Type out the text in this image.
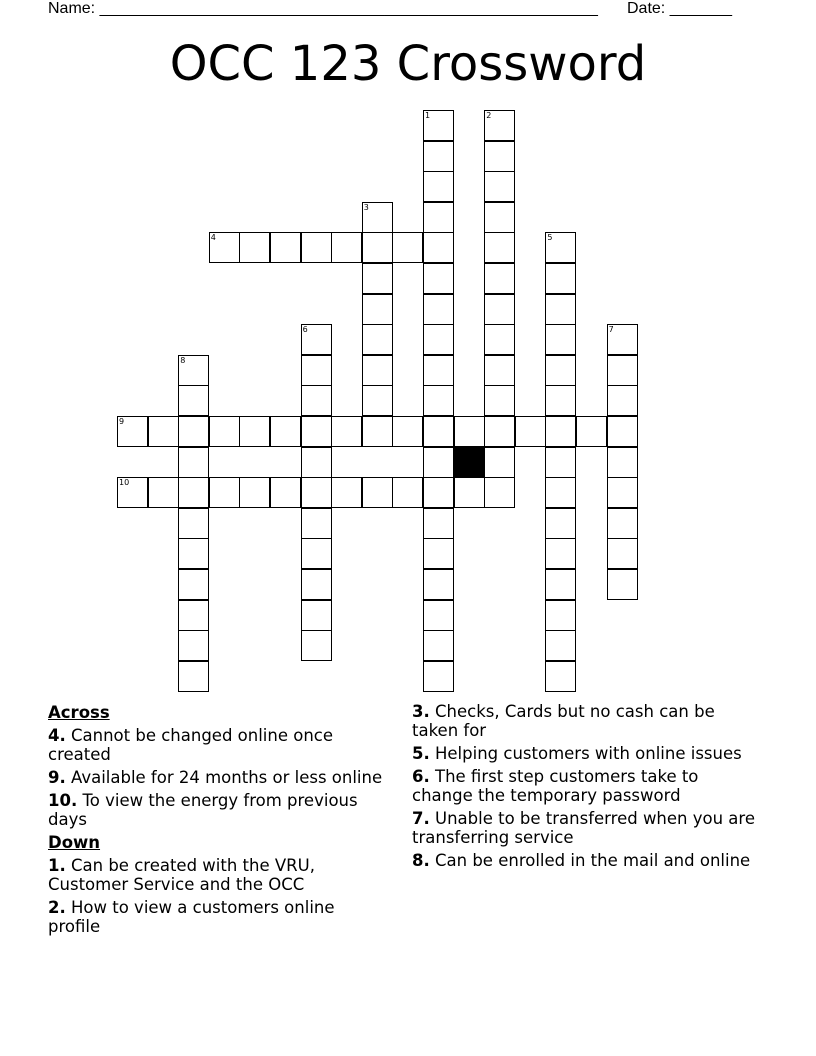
Name: ________________________________________________________ Date: _______
OCC 123 Crossword
1	2
3
4	5
6	7
8
9
10
Across
4. Cannot be changed online once created
9. Available for 24 months or less online
10. To view the energy from previous days
Down
1. Can be created with the VRU, Customer Service and the OCC
2. How to view a customers online profile
3. Checks, Cards but no cash can be taken for
5. Helping customers with online issues
6. The first step customers take to change the temporary password
7. Unable to be transferred when you are transferring service
8. Can be enrolled in the mail and online
